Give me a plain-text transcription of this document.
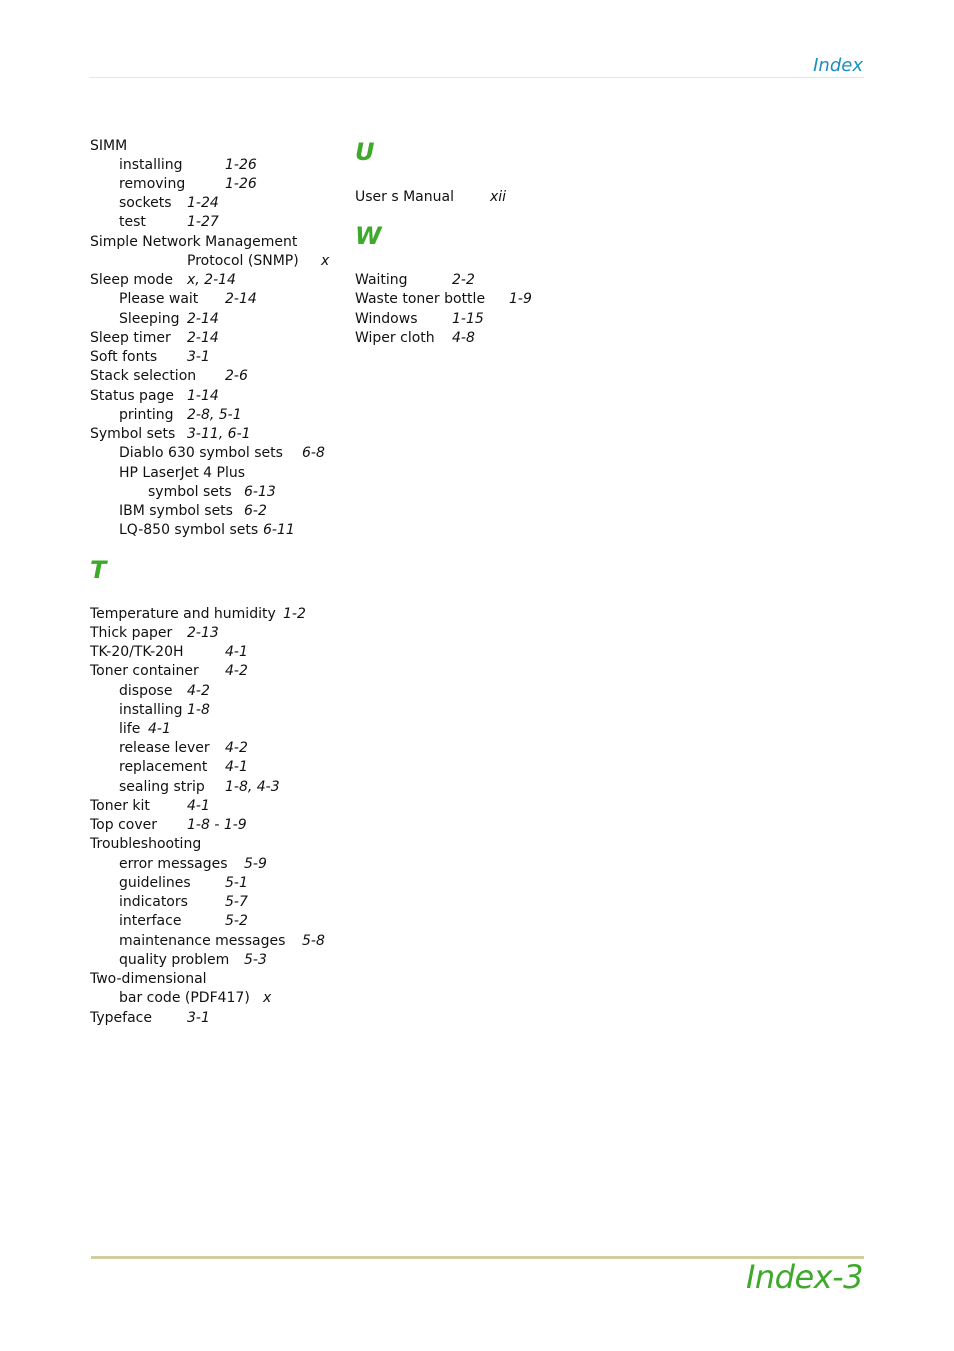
Index
SIMM
installing	1-26
removing	1-26
sockets 1-24
test	1-27
Simple Network Management
Protocol (SNMP) x
Sleep mode x, 2-14
Please wait 2-14
Sleeping 2-14
Sleep timer 2-14
Soft fonts 3-1
Stack selection 2-6
Status page 1-14
printing 2-8, 5-1
Symbol sets 3-11, 6-1
Diablo 630 symbol sets 6-8
HP LaserJet 4 Plus
symbol sets 6-13
IBM symbol sets 6-2
LQ-850 symbol sets 6-11
T
Temperature and humidity 1-2
Thick paper 2-13
TK-20/TK-20H	4-1
Toner container 4-2
dispose 4-2
installing 1-8
life 4-1
release lever 4-2
replacement 4-1
sealing strip 1-8, 4-3
Toner kit	4-1
Top cover 1-8 - 1-9
Troubleshooting
error messages 5-9
guidelines 5-1
indicators	5-7
interface	5-2
maintenance messages 5-8
quality problem 5-3
Two-dimensional
bar code (PDF417) x
Typeface	3-1
U
User s Manual	xii
W
Waiting	2-2
Waste toner bottle 1-9
Windows 1-15
Wiper cloth 4-8
Index-3
